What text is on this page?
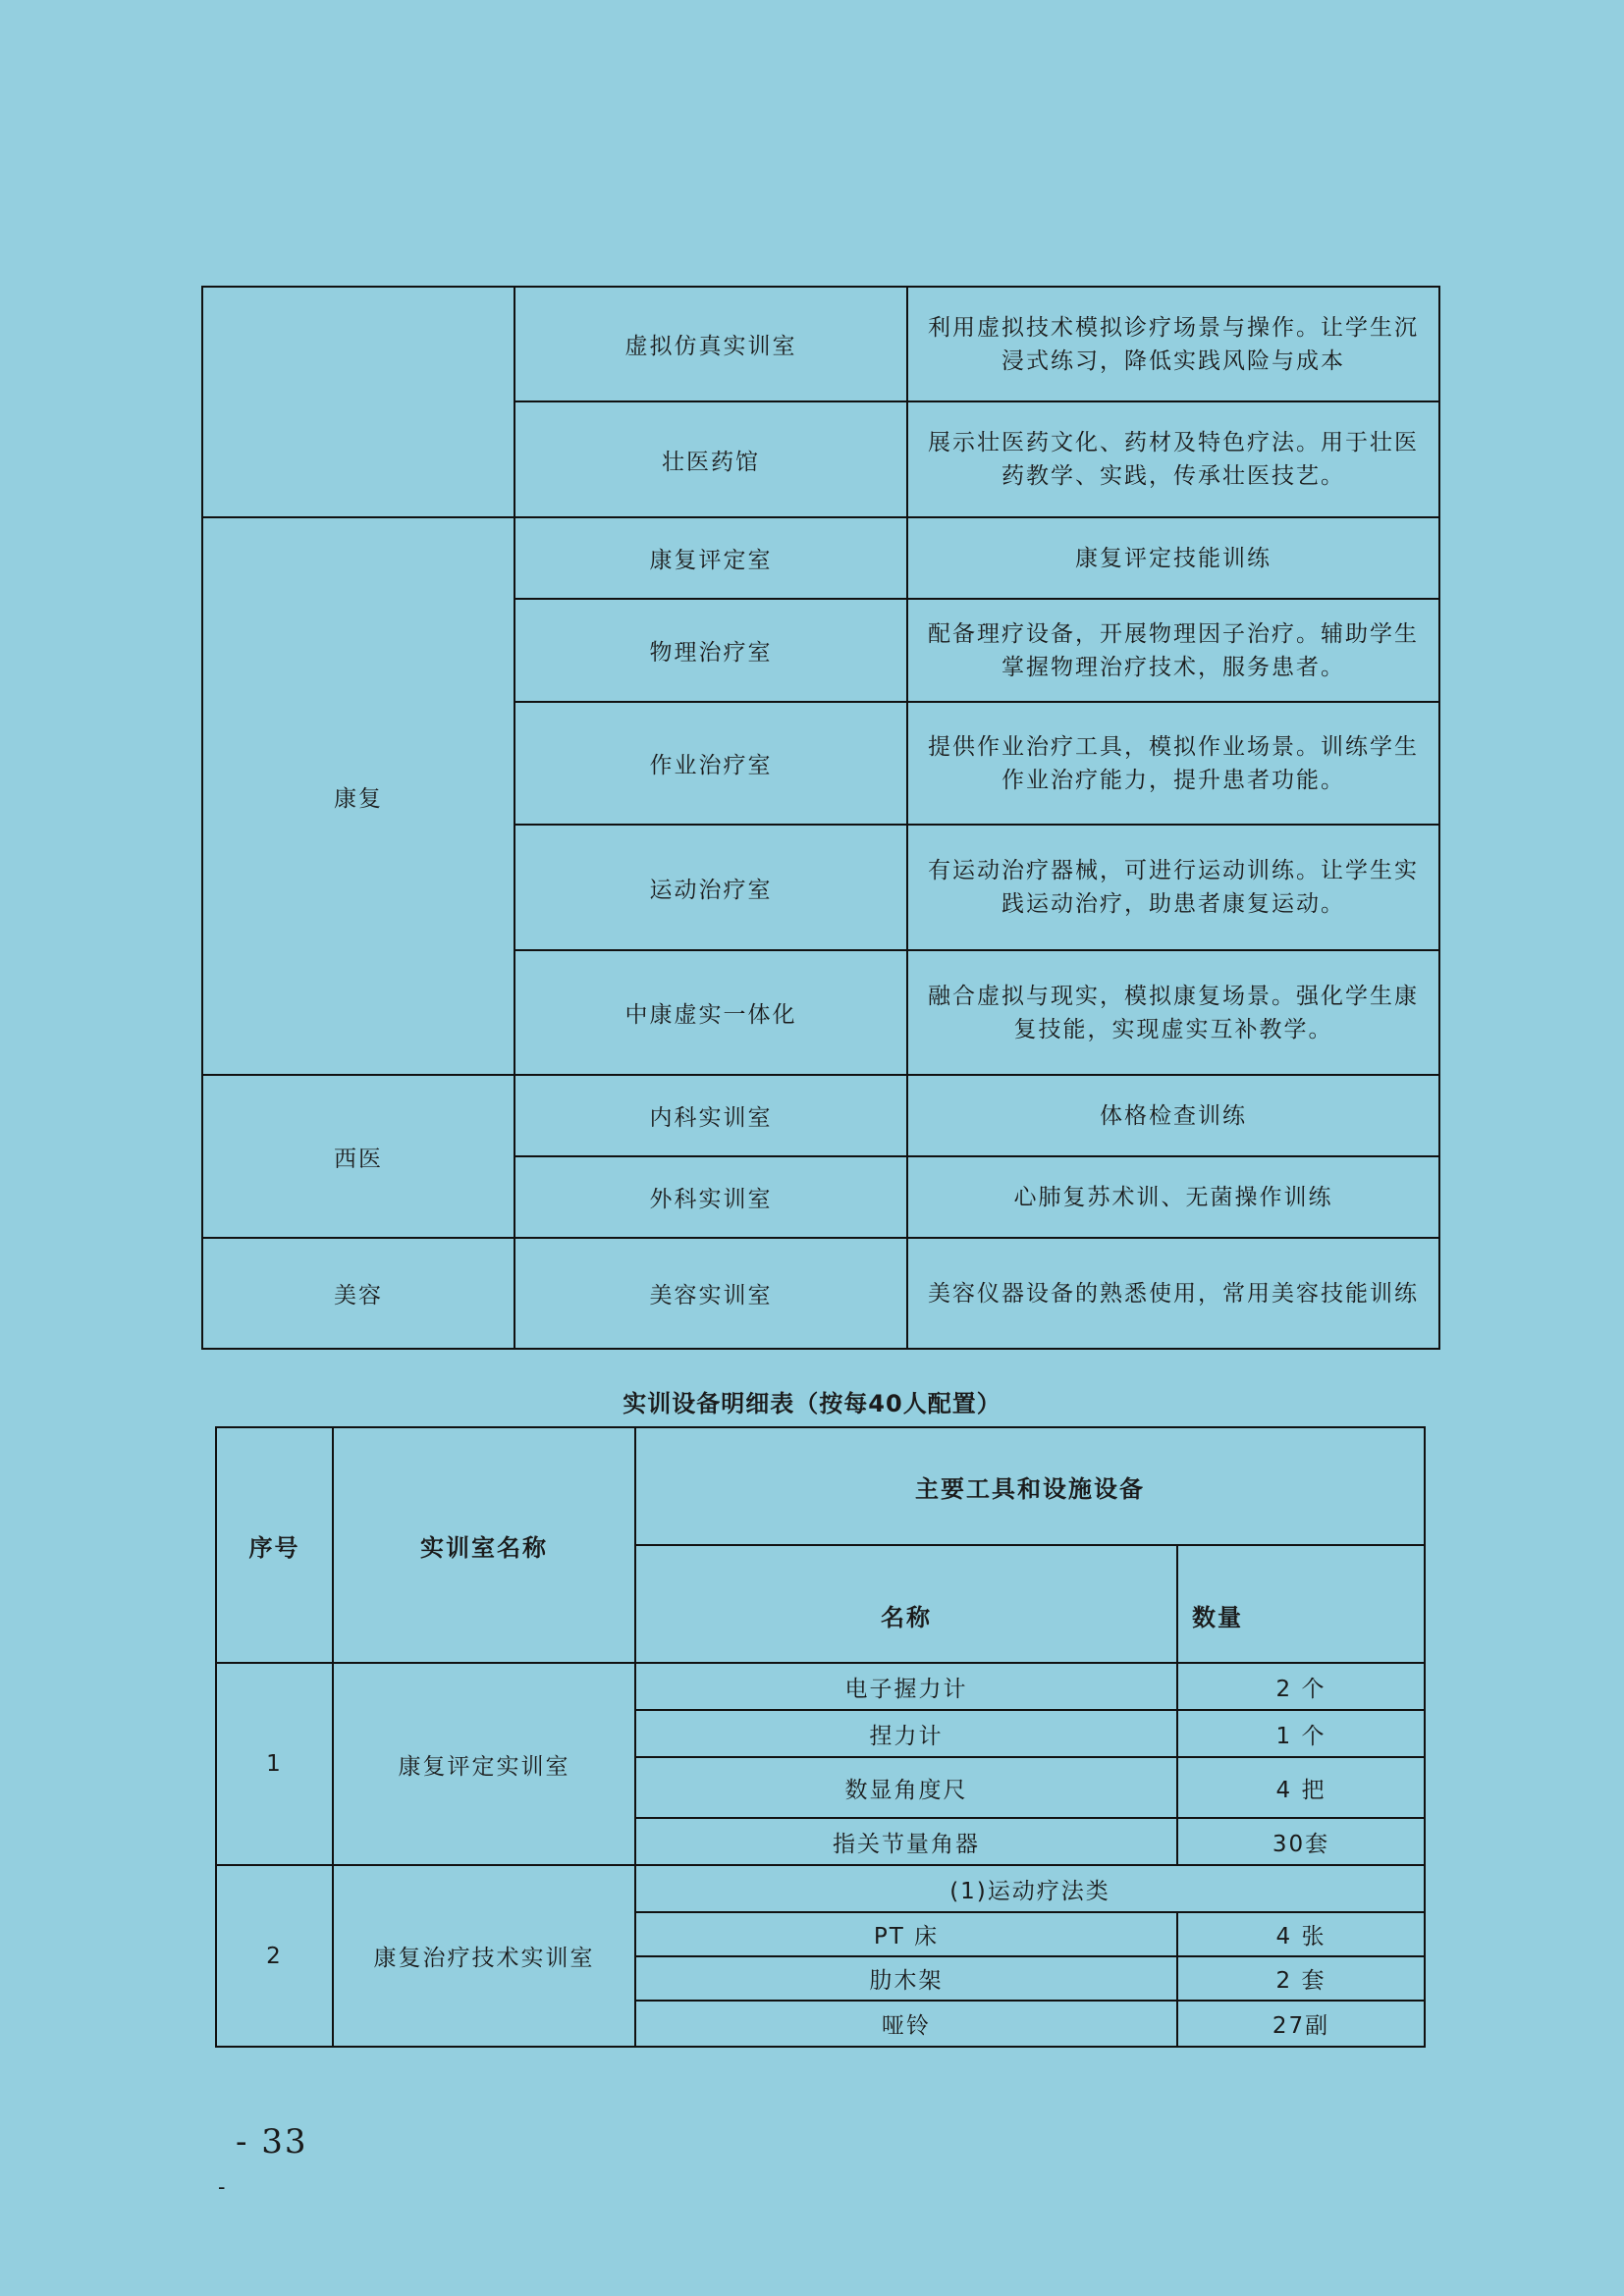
	虚拟仿真实训室	利用虚拟技术模拟诊疗场景与操作。让学生沉浸式练习，降低实践风险与成本
	壮医药馆	展示壮医药文化、药材及特色疗法。用于壮医药教学、实践，传承壮医技艺。
康复	康复评定室	康复评定技能训练
	物理治疗室	配备理疗设备，开展物理因子治疗。辅助学生掌握物理治疗技术，服务患者。
	作业治疗室	提供作业治疗工具，模拟作业场景。训练学生作业治疗能力，提升患者功能。
	运动治疗室	有运动治疗器械，可进行运动训练。让学生实践运动治疗，助患者康复运动。
	中康虚实一体化	融合虚拟与现实，模拟康复场景。强化学生康复技能，实现虚实互补教学。
西医	内科实训室	体格检查训练
	外科实训室	心肺复苏术训、无菌操作训练
美容	美容实训室	美容仪器设备的熟悉使用，常用美容技能训练
实训设备明细表（按每40人配置）
序号	实训室名称	主要工具和设施设备	
		名称	数量
1	康复评定实训室	电子握力计	2 个
		捏力计	1 个
		数显角度尺	4 把
		指关节量角器	30套
2	康复治疗技术实训室	(1)运动疗法类	
		PT 床	4 张
		肋木架	2 套
		哑铃	27副
- 33
-
